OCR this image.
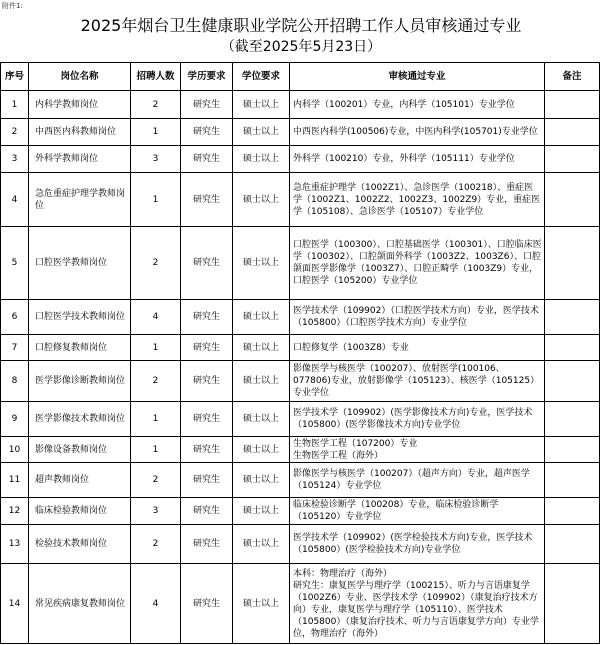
附件1:
2025年烟台卫生健康职业学院公开招聘工作人员审核通过专业
（截至2025年5月23日）
序号	岗位名称	招聘人数	学历要求	学位要求	审核通过专业	备注
1	内科学教师岗位	2	研究生	硕士以上	内科学（100201）专业，内科学（105101）专业学位	
2	中西医内科教师岗位	1	研究生	硕士以上	中西医内科学(100506)专业，中医内科学(105701)专业学位	
3	外科学教师岗位	3	研究生	硕士以上	外科学（100210）专业，外科学（105111）专业学位	
4	急危重症护理学教师岗位	1	研究生	硕士以上	急危重症护理学（1002Z1）、急诊医学（100218）、重症医学（1002Z1、1002Z2、1002Z3、1002Z9）专业，重症医学（105108）、急诊医学（105107）专业学位	
5	口腔医学教师岗位	2	研究生	硕士以上	口腔医学（100300）、口腔基础医学（100301）、口腔临床医学（100302）、口腔颌面外科学（1003Z2、1003Z6）、口腔颌面医学影像学（1003Z7）、口腔正畸学（1003Z9）专业，口腔医学（105200）专业学位	
6	口腔医学技术教师岗位	4	研究生	硕士以上	医学技术学（109902）（口腔医学技术方向）专业，医学技术（105800）（口腔医学技术方向）专业学位	
7	口腔修复教师岗位	1	研究生	硕士以上	口腔修复学（1003Z8）专业	
8	医学影像诊断教师岗位	2	研究生	硕士以上	影像医学与核医学（100207）、放射医学(100106、077806)专业，放射影像学（105123）、核医学（105125）专业学位	
9	医学影像技术教师岗位	1	研究生	硕士以上	医学技术学（109902）(医学影像技术方向)专业，医学技术（105800）(医学影像技术方向)专业学位	
10	影像设备教师岗位	1	研究生	硕士以上	生物医学工程（107200）专业
生物医学工程（海外）	
11	超声教师岗位	2	研究生	硕士以上	影像医学与核医学（100207）（超声方向）专业，超声医学（105124）专业学位	
12	临床检验教师岗位	3	研究生	硕士以上	临床检验诊断学（100208）专业，临床检验诊断学（105120）专业学位	
13	检验技术教师岗位	2	研究生	硕士以上	医学技术学（109902）(医学检验技术方向)专业，医学技术（105800）(医学检验技术方向)专业学位	
14	常见疾病康复教师岗位	4	研究生	硕士以上	本科：物理治疗（海外）
研究生：康复医学与理疗学（100215）、听力与言语康复学（1002Z6）专业、医学技术学（109902）（康复治疗技术方向）专业，康复医学与理疗学（105110）、医学技术（105800）（康复治疗技术、听力与言语康复学方向）专业学位，物理治疗（海外）	
